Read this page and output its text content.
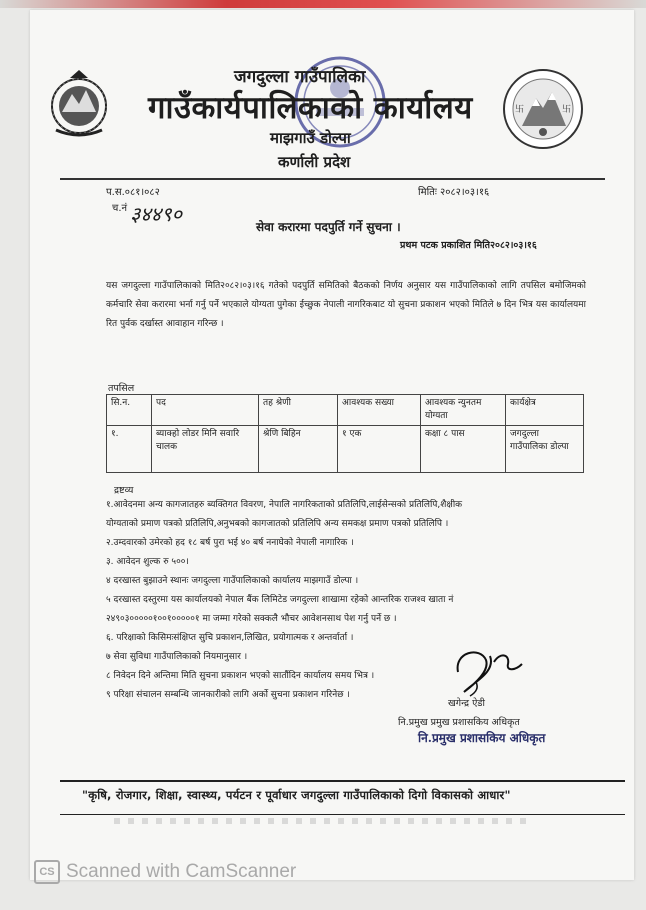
卐	卐
जगदुल्ला गाउँपालिका
गाउँकार्यपालिकाको कार्यालय
माझगाउँ डोल्पा
कर्णाली प्रदेश
प.स.०८१।०८२	मितिः २०८२।०३।१६
च.नं ३४४९०
सेवा करारमा पदपुर्ति गर्ने सुचना ।
प्रथम पटक प्रकाशित मिति२०८२।०३।१६
यस जगदुल्ला गाउँपालिकाको मिति२०८२।०३।१६ गतेको पदपुर्ति समितिको बैठकको निर्णय अनुसार यस गाउँपालिकाको लागि तपसिल बमोजिमको कर्मचारि सेवा करारमा भर्ना गर्नु पर्ने भएकाले योग्यता पुगेका ईच्छुक नेपाली नागरिकबाट यो सुचना प्रकाशन भएको मितिले ७ दिन भित्र यस कार्यालयमा रित पुर्वक दर्खास्त आवाहान गरिन्छ ।
तपसिल
सि.न.	पद	तह श्रेणी	आवश्यक सख्या	आवश्यक न्युनतम योग्यता	कार्यक्षेत्र
१.	ब्याक्हो लोडर मिनि सवारि चालक	श्रेणि बिहिन	१ एक	कक्षा ८ पास	जगदुल्ला गाउँपालिका डोल्पा
द्रष्टव्य
१.आवेदनमा अन्य कागजातहरु ब्यक्तिगत विवरण, नेपालि नागरिकताको प्रतिलिपि,लाईसेन्सको प्रतिलिपि,शैक्षीक
योग्यताको प्रमाण पत्रको प्रतिलिपि,अनुभबको कागजातको प्रतिलिपि अन्य समकक्ष प्रमाण पत्रको प्रतिलिपि ।
२.उम्दवारको उमेरको हद १८ बर्ष पुरा भई ४० बर्ष ननाघेको नेपाली नागारिक ।
३. आवेदन शुल्क रु ५००।
४ दरखास्त बुझाउने स्थानः जगदुल्ला गाउँपालिकाको कार्यालय माझगाउँ डोल्पा ।
५ दरखास्त दस्तुरमा यस कार्यालयको नेपाल बैंक लिमिटेड जगदुल्ला शाखामा रहेको आन्तरिक राजश्व खाता नं
२४९०३०००००१००१०००००१ मा जम्मा गरेको सक्कलै भौचर आवेशनसाथ पेश गर्नु पर्ने छ ।
६. परिक्षाको किसिमःसंक्षिप्त सुचि प्रकाशन,लिखित, प्रयोगात्मक र अन्तर्वार्ता ।
७ सेवा सुविधा गाउँपालिकाको नियमानुसार ।
८ निवेदन दिने अन्तिमा मिति सुचना प्रकाशन भएको सातौंदिन कार्यालय समय भित्र ।
९ परिक्षा संचालन सम्बन्धि जानकारीको लागि अर्को सुचना प्रकाशन गरिनेछ ।
खगेन्द्र ऐडी
नि.प्रमुख प्रमुख प्रशासकिय अधिकृत
नि.प्रमुख प्रशासकिय अधिकृत
"कृषि, रोजगार, शिक्षा, स्वास्थ्य, पर्यटन र पूर्वाधार जगदुल्ला गाउँपालिकाको दिगो विकासको आधार"
CS Scanned with CamScanner
